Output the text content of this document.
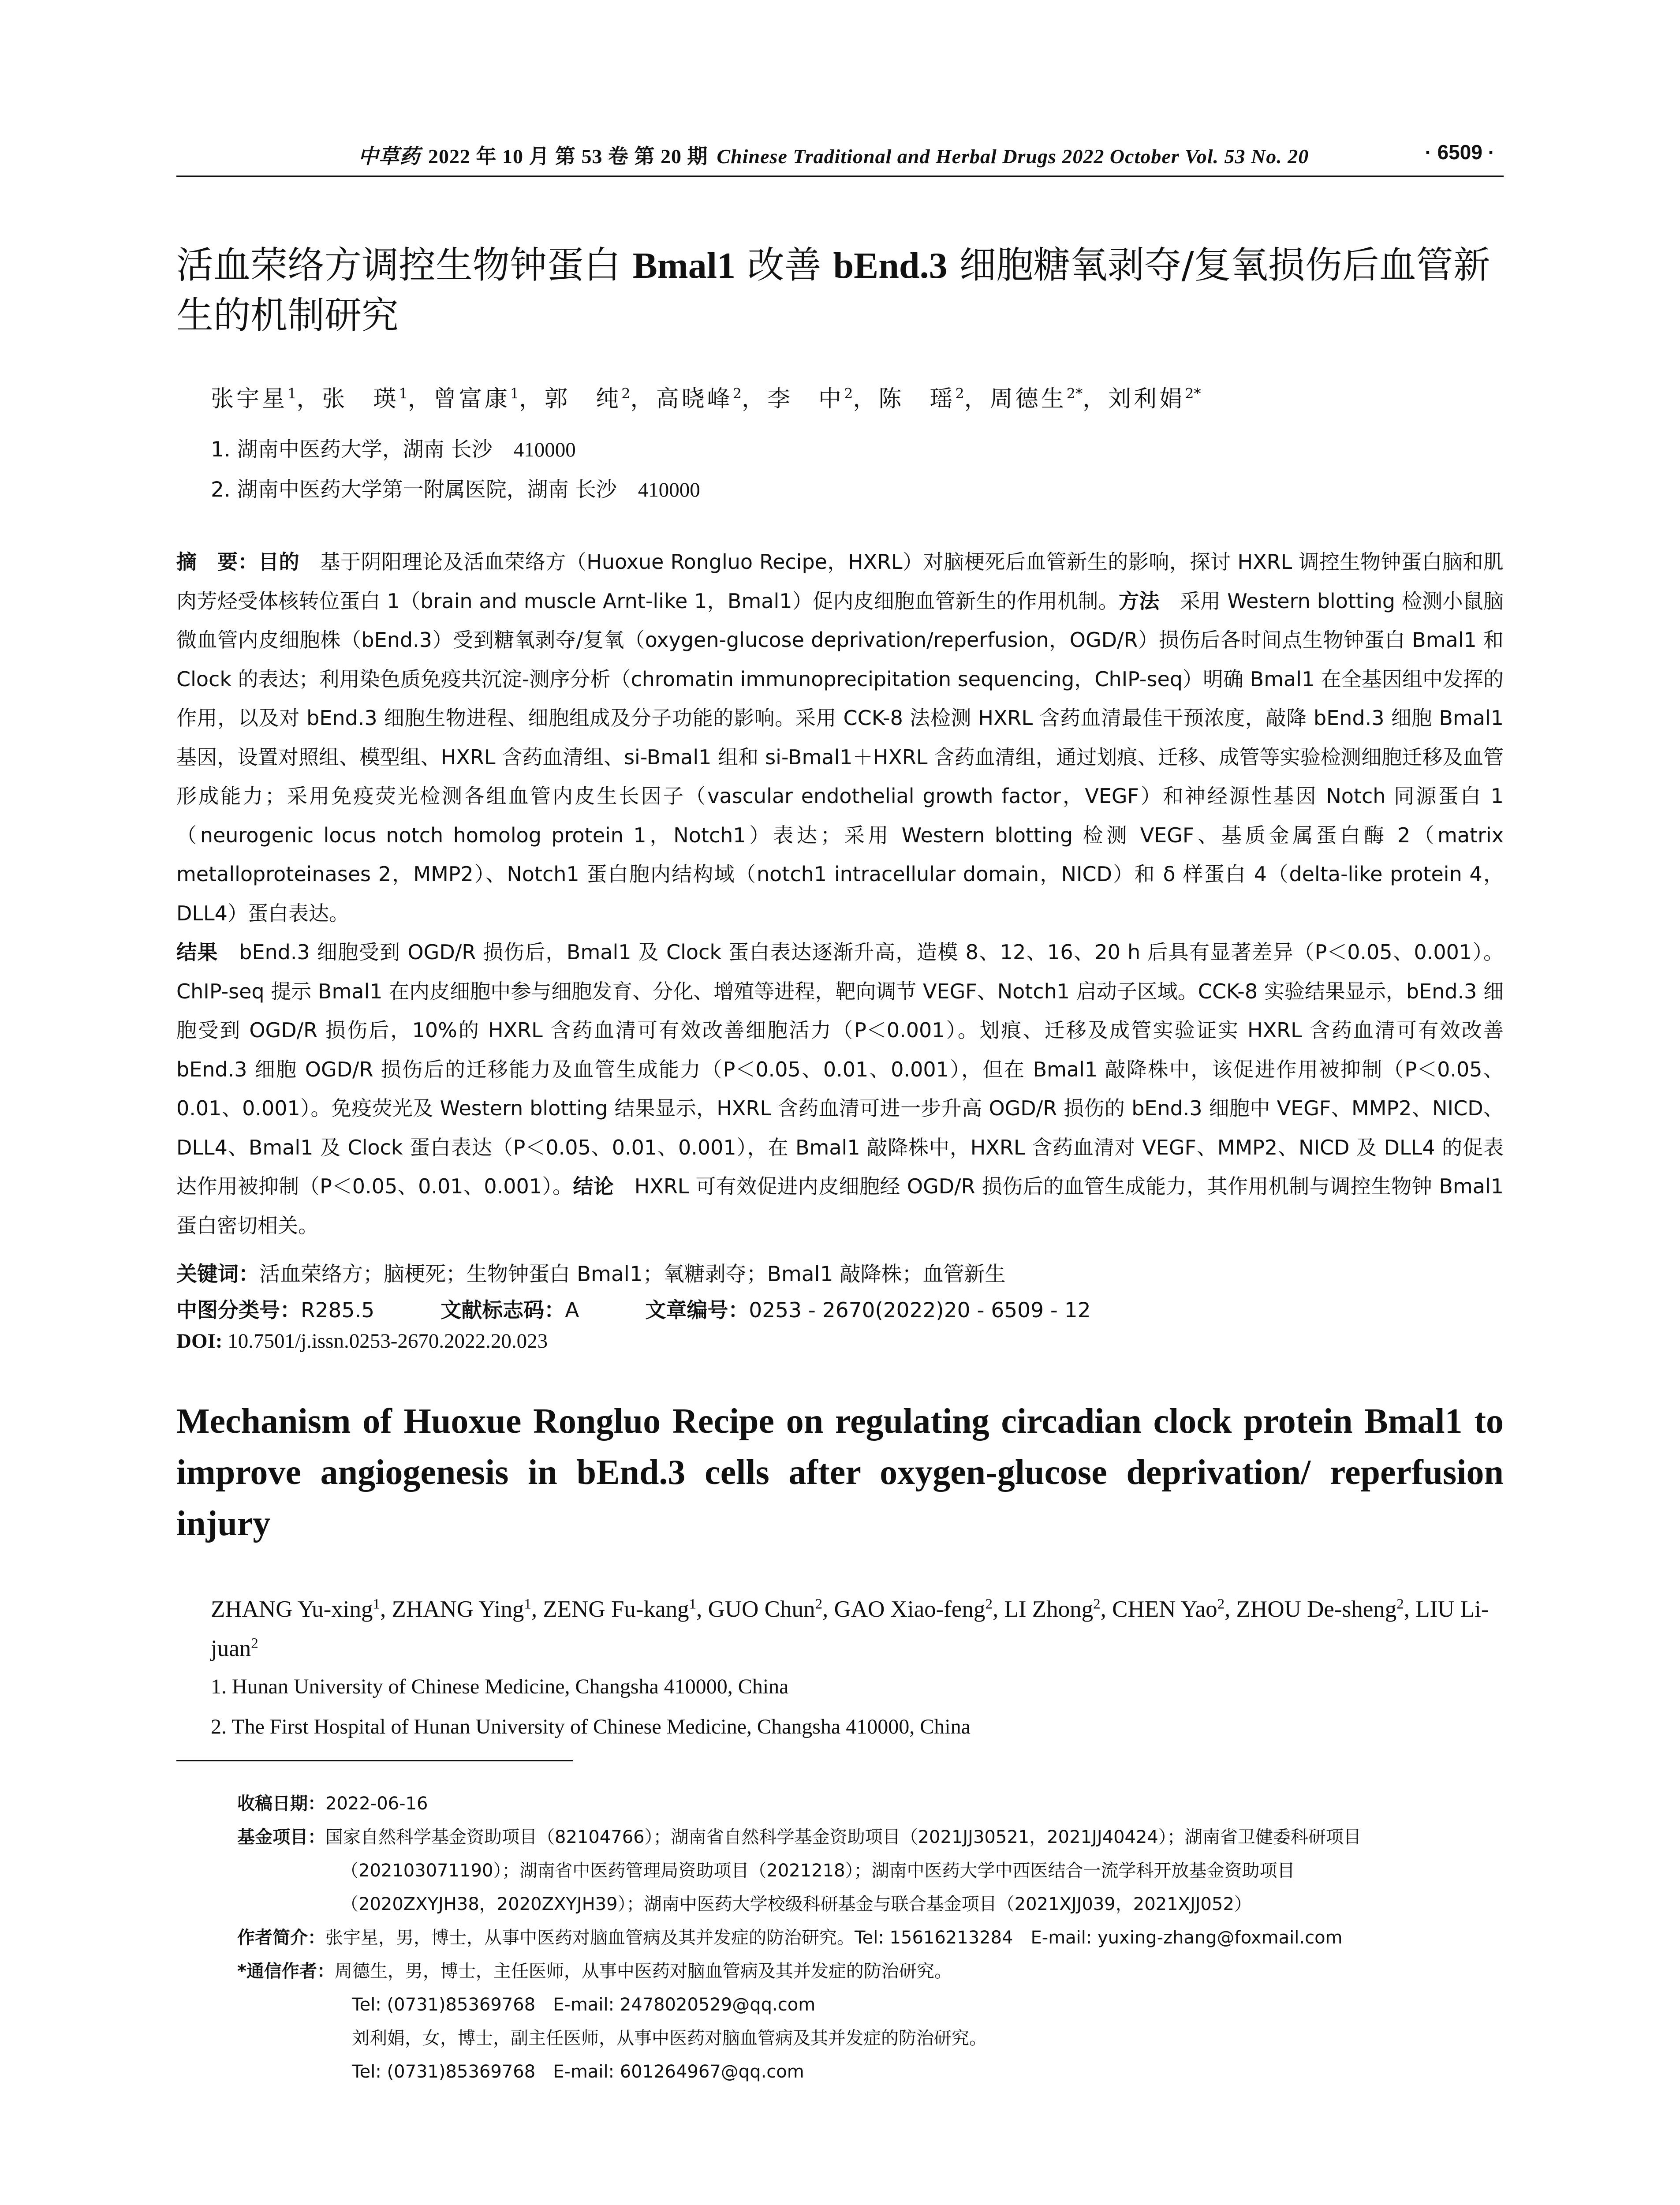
中草药 2022 年 10 月 第 53 卷 第 20 期 Chinese Traditional and Herbal Drugs 2022 October Vol. 53 No. 20	· 6509 ·
活血荣络方调控生物钟蛋白 Bmal1 改善 bEnd.3 细胞糖氧剥夺/复氧损伤后血管新生的机制研究
张宇星$^1$，张　瑛$^1$，曾富康$^1$，郭　纯$^2$，高晓峰$^2$，李　中$^2$，陈　瑶$^2$，周德生$^{2*}$，刘利娟$^{2*}$
1. 湖南中医药大学，湖南 长沙 410000
2. 湖南中医药大学第一附属医院，湖南 长沙 410000

摘　要：目的　基于阴阳理论及活血荣络方（Huoxue Rongluo Recipe，HXRL）对脑梗死后血管新生的影响，探讨 HXRL 调控生物钟蛋白脑和肌肉芳烃受体核转位蛋白 1（brain and muscle Arnt-like 1，Bmal1）促内皮细胞血管新生的作用机制。方法　采用 Western blotting 检测小鼠脑微血管内皮细胞株（bEnd.3）受到糖氧剥夺/复氧（oxygen-glucose deprivation/reperfusion，OGD/R）损伤后各时间点生物钟蛋白 Bmal1 和 Clock 的表达；利用染色质免疫共沉淀-测序分析（chromatin immunoprecipitation sequencing，ChIP-seq）明确 Bmal1 在全基因组中发挥的作用，以及对 bEnd.3 细胞生物进程、细胞组成及分子功能的影响。采用 CCK-8 法检测 HXRL 含药血清最佳干预浓度，敲降 bEnd.3 细胞 Bmal1 基因，设置对照组、模型组、HXRL 含药血清组、si-Bmal1 组和 si-Bmal1＋HXRL 含药血清组，通过划痕、迁移、成管等实验检测细胞迁移及血管形成能力；采用免疫荧光检测各组血管内皮生长因子（vascular endothelial growth factor，VEGF）和神经源性基因 Notch 同源蛋白 1（neurogenic locus notch homolog protein 1，Notch1）表达；采用 Western blotting 检测 VEGF、基质金属蛋白酶 2（matrix metalloproteinases 2，MMP2）、Notch1 蛋白胞内结构域（notch1 intracellular domain，NICD）和 δ 样蛋白 4（delta-like protein 4，DLL4）蛋白表达。

结果　bEnd.3 细胞受到 OGD/R 损伤后，Bmal1 及 Clock 蛋白表达逐渐升高，造模 8、12、16、20 h 后具有显著差异（P＜0.05、0.001）。ChIP-seq 提示 Bmal1 在内皮细胞中参与细胞发育、分化、增殖等进程，靶向调节 VEGF、Notch1 启动子区域。CCK-8 实验结果显示，bEnd.3 细胞受到 OGD/R 损伤后，10%的 HXRL 含药血清可有效改善细胞活力（P＜0.001）。划痕、迁移及成管实验证实 HXRL 含药血清可有效改善 bEnd.3 细胞 OGD/R 损伤后的迁移能力及血管生成能力（P＜0.05、0.01、0.001），但在 Bmal1 敲降株中，该促进作用被抑制（P＜0.05、0.01、0.001）。免疫荧光及 Western blotting 结果显示，HXRL 含药血清可进一步升高 OGD/R 损伤的 bEnd.3 细胞中 VEGF、MMP2、NICD、DLL4、Bmal1 及 Clock 蛋白表达（P＜0.05、0.01、0.001），在 Bmal1 敲降株中，HXRL 含药血清对 VEGF、MMP2、NICD 及 DLL4 的促表达作用被抑制（P＜0.05、0.01、0.001）。结论　HXRL 可有效促进内皮细胞经 OGD/R 损伤后的血管生成能力，其作用机制与调控生物钟 Bmal1 蛋白密切相关。

关键词：活血荣络方；脑梗死；生物钟蛋白 Bmal1；氧糖剥夺；Bmal1 敲降株；血管新生
中图分类号：R285.5	文献标志码：A	文章编号：0253 - 2670(2022)20 - 6509 - 12
DOI: 10.7501/j.issn.0253-2670.2022.20.023
Mechanism of Huoxue Rongluo Recipe on regulating circadian clock protein Bmal1 to improve angiogenesis in bEnd.3 cells after oxygen-glucose deprivation/ reperfusion injury
ZHANG Yu-xing$^1$, ZHANG Ying$^1$, ZENG Fu-kang$^1$, GUO Chun$^2$, GAO Xiao-feng$^2$, LI Zhong$^2$, CHEN Yao$^2$, ZHOU De-sheng$^2$, LIU Li-juan$^2$
1. Hunan University of Chinese Medicine, Changsha 410000, China
2. The First Hospital of Hunan University of Chinese Medicine, Changsha 410000, China
收稿日期：2022-06-16
基金项目：国家自然科学基金资助项目（82104766）；湖南省自然科学基金资助项目（2021JJ30521，2021JJ40424）；湖南省卫健委科研项目
（202103071190）；湖南省中医药管理局资助项目（2021218）；湖南中医药大学中西医结合一流学科开放基金资助项目
（2020ZXYJH38，2020ZXYJH39）；湖南中医药大学校级科研基金与联合基金项目（2021XJJ039，2021XJJ052）
作者简介：张宇星，男，博士，从事中医药对脑血管病及其并发症的防治研究。Tel: 15616213284　E-mail: yuxing-zhang@foxmail.com
*通信作者：周德生，男，博士，主任医师，从事中医药对脑血管病及其并发症的防治研究。
Tel: (0731)85369768　E-mail: 2478020529@qq.com
刘利娟，女，博士，副主任医师，从事中医药对脑血管病及其并发症的防治研究。
Tel: (0731)85369768　E-mail: 601264967@qq.com
